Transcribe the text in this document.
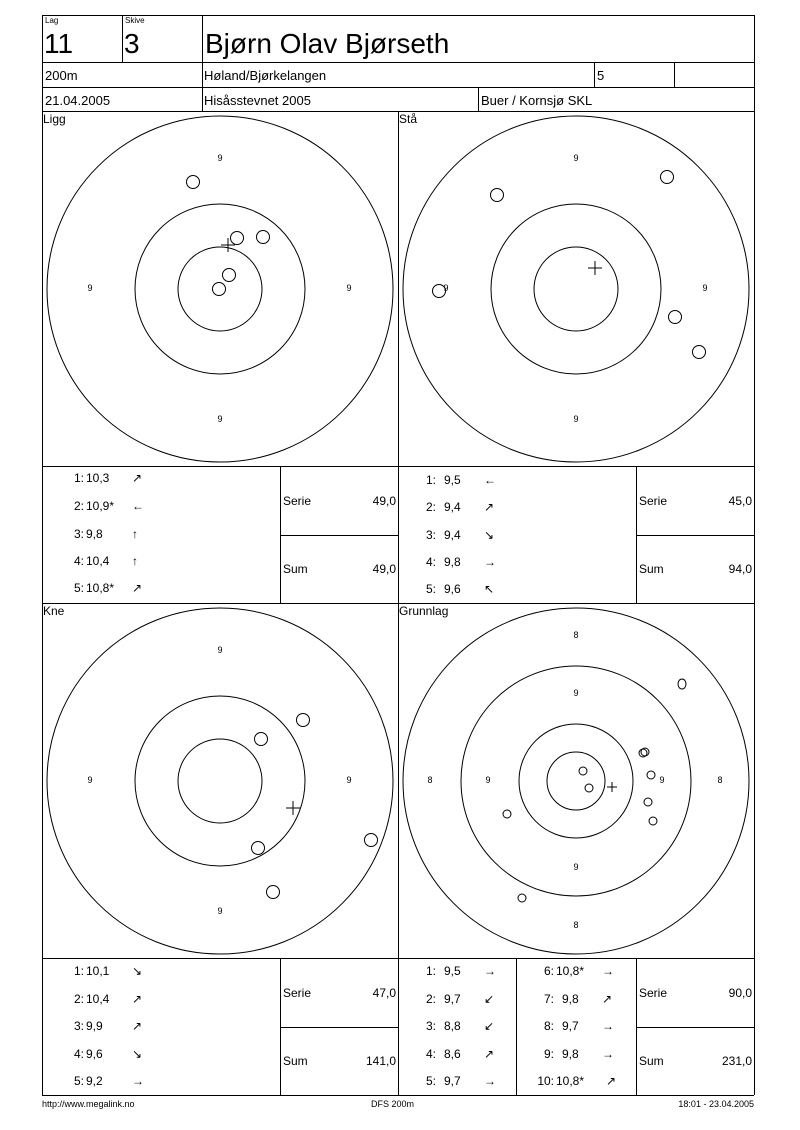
Lag
11
Skive
3 Bjørn Olav Bjørseth
200m	Høland/Bjørkelangen	5
21.04.2005	Hisåsstevnet 2005	Buer / Kornsjø SKL
Ligg	Stå
Kne	Grunnlag
9
9	9
9
9
9	9
9
9
9	9
9
8
8	8
8
9
9	9
9
1: 10,3 ↗
2: 10,9* ←
3: 9,8 ↑
4: 10,4 ↑
5: 10,8* ↗
Serie	49,0
Sum	49,0
1: 9,5 ←
2: 9,4 ↗
3: 9,4 ↘
4: 9,8 →
5: 9,6 ↖
Serie	45,0
Sum	94,0
1: 10,1 ↘
2: 10,4 ↗
3: 9,9 ↗
4: 9,6 ↘
5: 9,2 →
Serie	47,0
Sum	141,0
1: 9,5 →
2: 9,7 ↙
3: 8,8 ↙
4: 8,6 ↗
5: 9,7 →
6: 10,8* →
7: 9,8 ↗
8: 9,7 →
9: 9,8 →
10: 10,8* ↗
Serie	90,0
Sum	231,0
http://www.megalink.no	DFS 200m	18:01 - 23.04.2005
